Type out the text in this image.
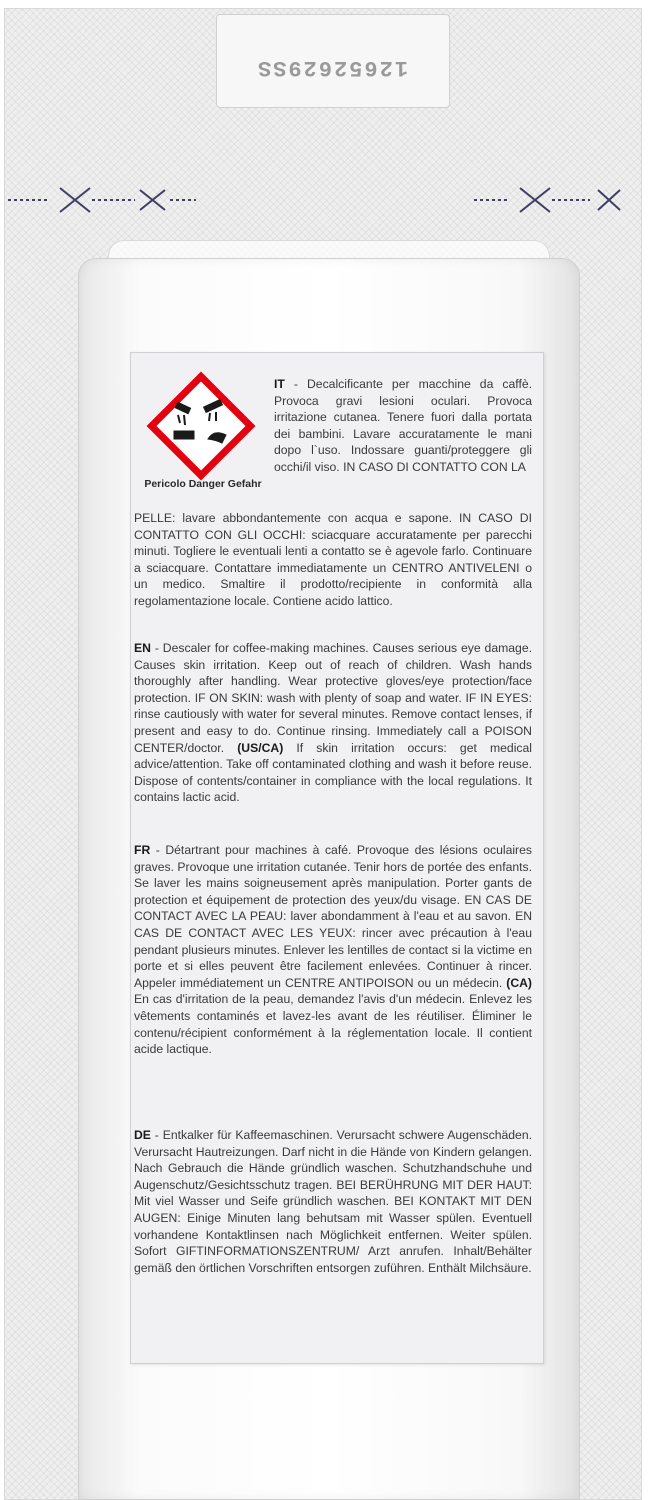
12652629SS
Pericolo Danger Gefahr
IT - Decalcificante per macchine da caffè. Provoca gravi lesioni oculari. Provoca irritazione cutanea. Tenere fuori dalla portata dei bambini. Lavare accuratamente le mani dopo l`uso. Indossare guanti/proteggere gli occhi/il viso. IN CASO DI CONTATTO CON LA
PELLE: lavare abbondantemente con acqua e sapone. IN CASO DI CONTATTO CON GLI OCCHI: sciacquare accuratamente per parecchi minuti. Togliere le eventuali lenti a contatto se è agevole farlo. Continuare a sciacquare. Contattare immediatamente un CENTRO ANTIVELENI o un medico. Smaltire il prodotto/recipiente in conformità alla regolamentazione locale. Contiene acido lattico.
EN - Descaler for coffee-making machines. Causes serious eye damage. Causes skin irritation. Keep out of reach of children. Wash hands thoroughly after handling. Wear protective gloves/eye protection/face protection. IF ON SKIN: wash with plenty of soap and water. IF IN EYES: rinse cautiously with water for several minutes. Remove contact lenses, if present and easy to do. Continue rinsing. Immediately call a POISON CENTER/doctor. (US/CA) If skin irritation occurs: get medical advice/attention. Take off contaminated clothing and wash it before reuse. Dispose of contents/container in compliance with the local regulations. It contains lactic acid.
FR - Détartrant pour machines à café. Provoque des lésions oculaires graves. Provoque une irritation cutanée. Tenir hors de portée des enfants. Se laver les mains soigneusement après manipulation. Porter gants de protection et équipement de protection des yeux/du visage. EN CAS DE CONTACT AVEC LA PEAU: laver abondamment à l'eau et au savon. EN CAS DE CONTACT AVEC LES YEUX: rincer avec précaution à l'eau pendant plusieurs minutes. Enlever les lentilles de contact si la victime en porte et si elles peuvent être facilement enlevées. Continuer à rincer. Appeler immédiatement un CENTRE ANTIPOISON ou un médecin. (CA) En cas d'irritation de la peau, demandez l'avis d'un médecin. Enlevez les vêtements contaminés et lavez-les avant de les réutiliser. Éliminer le contenu/récipient conformément à la réglementation locale. Il contient acide lactique.
DE - Entkalker für Kaffeemaschinen. Verursacht schwere Augenschäden. Verursacht Hautreizungen. Darf nicht in die Hände von Kindern gelangen. Nach Gebrauch die Hände gründlich waschen. Schutzhandschuhe und Augenschutz/Gesichtsschutz tragen. BEI BERÜHRUNG MIT DER HAUT: Mit viel Wasser und Seife gründlich waschen. BEI KONTAKT MIT DEN AUGEN: Einige Minuten lang behutsam mit Wasser spülen. Eventuell vorhandene Kontaktlinsen nach Möglichkeit entfernen. Weiter spülen. Sofort GIFTINFORMATIONSZENTRUM/ Arzt anrufen. Inhalt/Behälter gemäß den örtlichen Vorschriften entsorgen zuführen. Enthält Milchsäure.
